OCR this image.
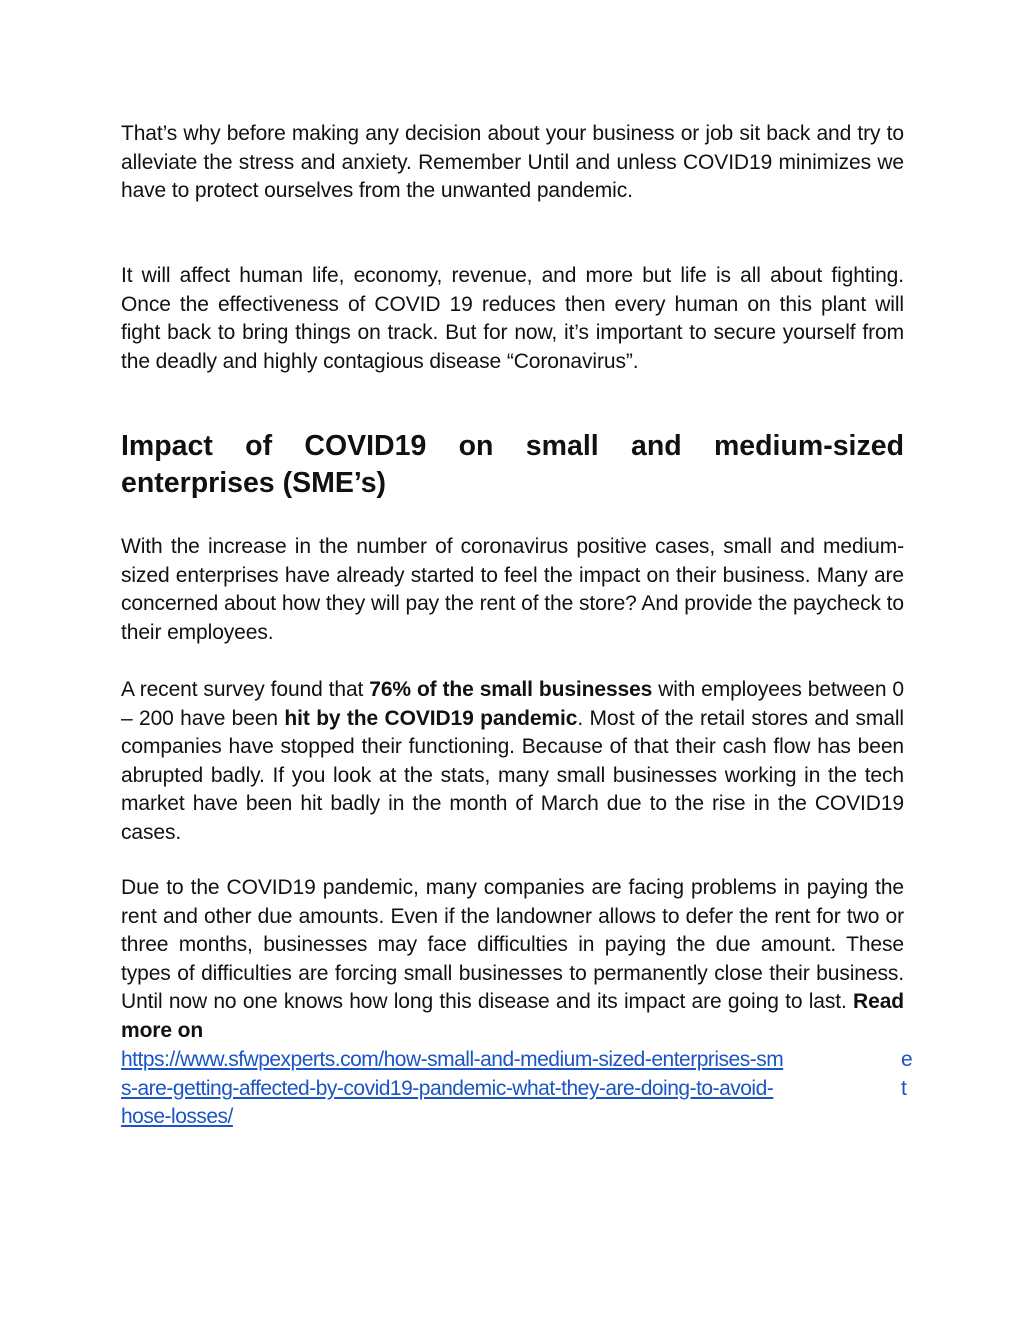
That’s why before making any decision about your business or job sit back and try to alleviate the stress and anxiety. Remember Until and unless COVID19 minimizes we have to protect ourselves from the unwanted pandemic.

It will affect human life, economy, revenue, and more but life is all about fighting. Once the effectiveness of COVID 19 reduces then every human on this plant will fight back to bring things on track. But for now, it’s important to secure yourself from the deadly and highly contagious disease “Coronavirus”.

Impact of COVID19 on small and medium-sized enterprises (SME’s)

With the increase in the number of coronavirus positive cases, small and medium-sized enterprises have already started to feel the impact on their business. Many are concerned about how they will pay the rent of the store? And provide the paycheck to their employees.

A recent survey found that 76% of the small businesses with employees between 0 – 200 have been hit by the COVID19 pandemic. Most of the retail stores and small companies have stopped their functioning. Because of that their cash flow has been abrupted badly. If you look at the stats, many small businesses working in the tech market have been hit badly in the month of March due to the rise in the COVID19 cases.

Due to the COVID19 pandemic, many companies are facing problems in paying the rent and other due amounts. Even if the landowner allows to defer the rent for two or three months, businesses may face difficulties in paying the due amount. These types of difficulties are forcing small businesses to permanently close their business. Until now no one knows how long this disease and its impact are going to last. Read more on

https://www.sfwpexperts.com/how-small-and-medium-sized-enterprises-sm
s-are-getting-affected-by-covid19-pandemic-what-they-are-doing-to-avoid-
hose-losses/
e
t
